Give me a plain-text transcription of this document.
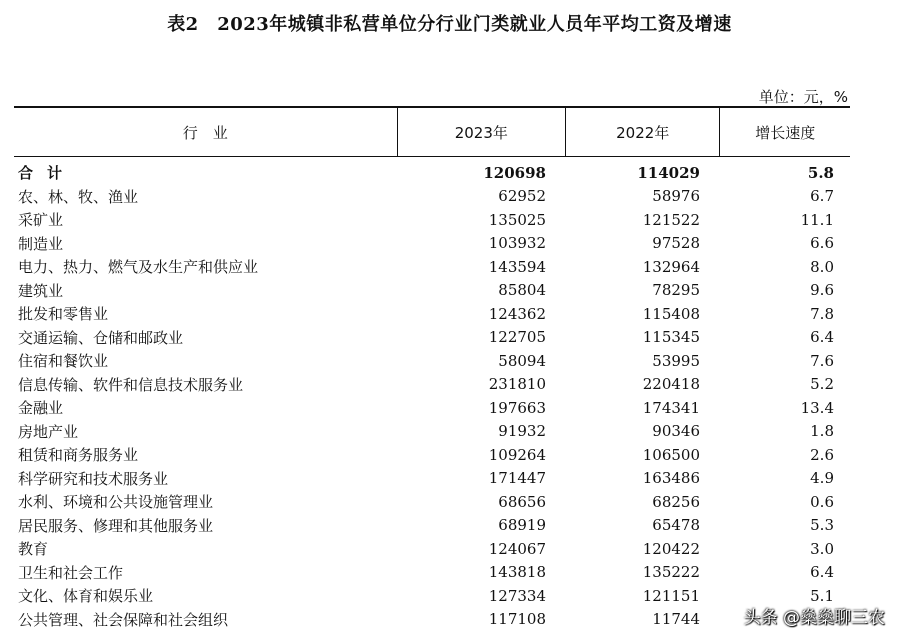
表2　2023年城镇非私营单位分行业门类就业人员年平均工资及增速
单位：元，%
行　业	2023年	2022年	增长速度
合计	120698	114029	5.8
农、林、牧、渔业	62952	58976	6.7
采矿业	135025	121522	11.1
制造业	103932	97528	6.6
电力、热力、燃气及水生产和供应业	143594	132964	8.0
建筑业	85804	78295	9.6
批发和零售业	124362	115408	7.8
交通运输、仓储和邮政业	122705	115345	6.4
住宿和餐饮业	58094	53995	7.6
信息传输、软件和信息技术服务业	231810	220418	5.2
金融业	197663	174341	13.4
房地产业	91932	90346	1.8
租赁和商务服务业	109264	106500	2.6
科学研究和技术服务业	171447	163486	4.9
水利、环境和公共设施管理业	68656	68256	0.6
居民服务、修理和其他服务业	68919	65478	5.3
教育	124067	120422	3.0
卫生和社会工作	143818	135222	6.4
文化、体育和娱乐业	127334	121151	5.1
公共管理、社会保障和社会组织	117108	11744	头条 @燊燊聊三农
